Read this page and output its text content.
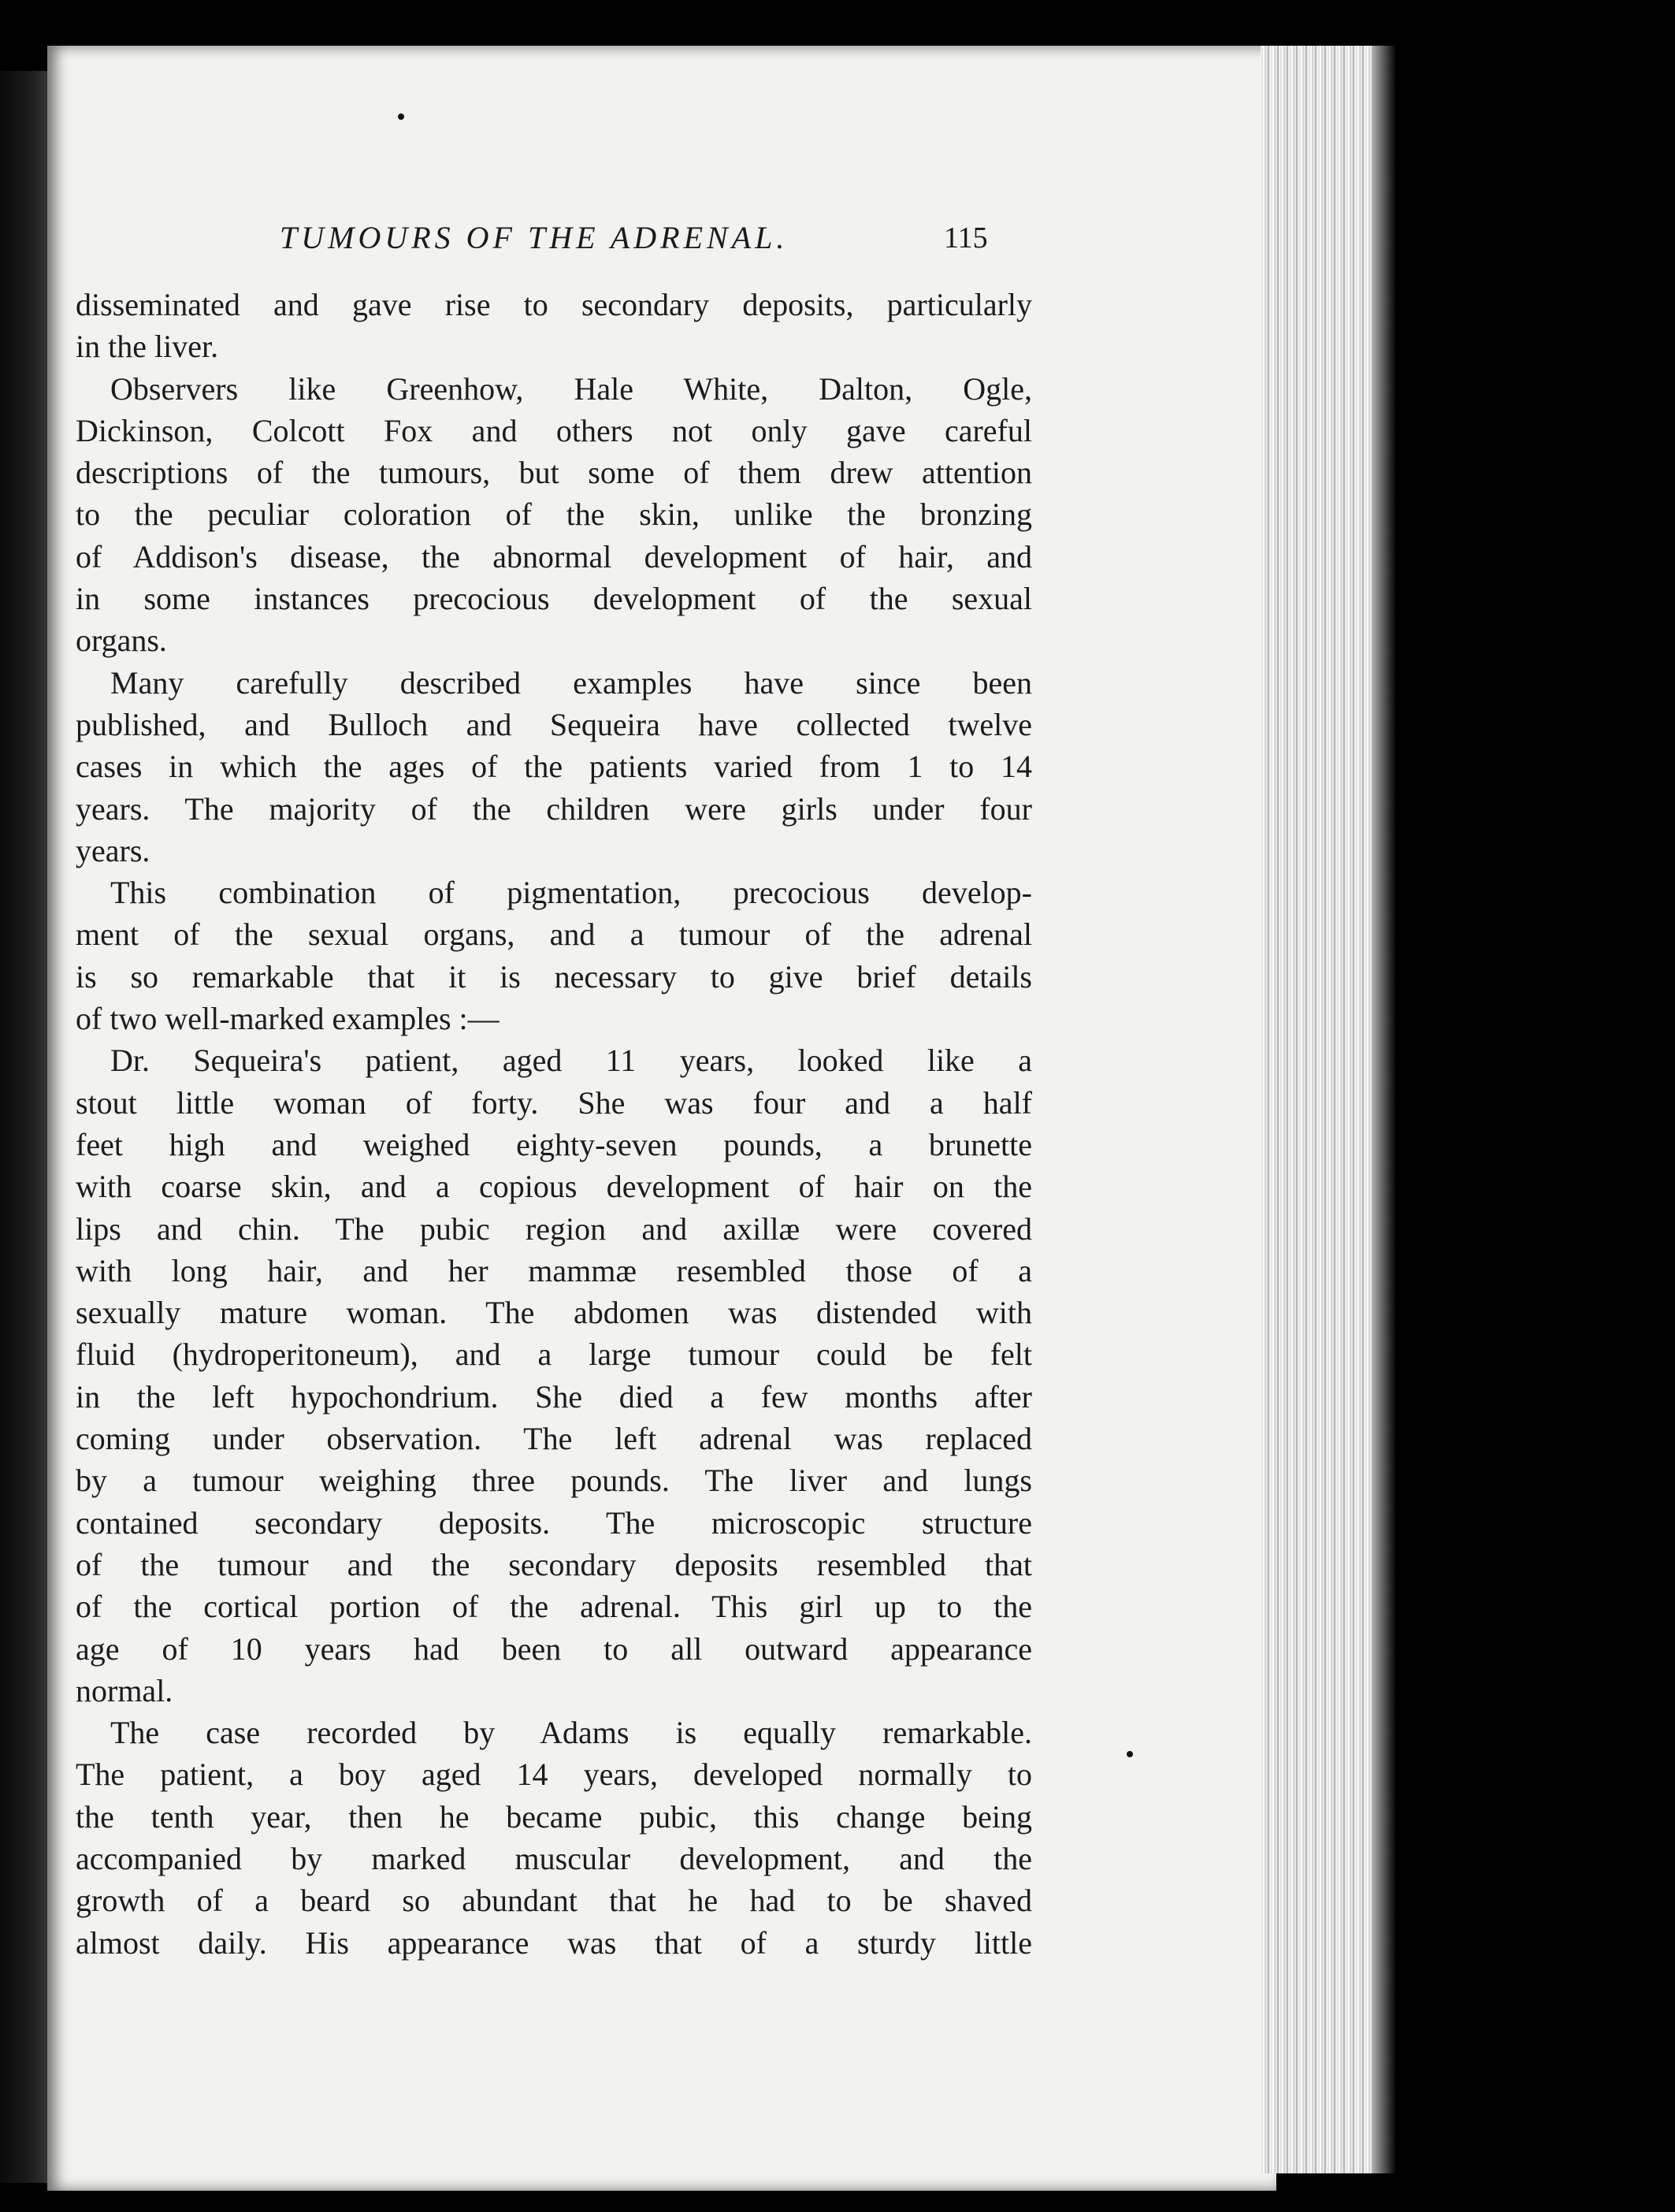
TUMOURS OF THE ADRENAL.	115
disseminated and gave rise to secondary deposits, particularly
in the liver.
Observers like Greenhow, Hale White, Dalton, Ogle,
Dickinson, Colcott Fox and others not only gave careful
descriptions of the tumours, but some of them drew attention
to the peculiar coloration of the skin, unlike the bronzing
of Addison's disease, the abnormal development of hair, and
in some instances precocious development of the sexual
organs.
Many carefully described examples have since been
published, and Bulloch and Sequeira have collected twelve
cases in which the ages of the patients varied from 1 to 14
years. The majority of the children were girls under four
years.
This combination of pigmentation, precocious develop-
ment of the sexual organs, and a tumour of the adrenal
is so remarkable that it is necessary to give brief details
of two well-marked examples :—
Dr. Sequeira's patient, aged 11 years, looked like a
stout little woman of forty. She was four and a half
feet high and weighed eighty-seven pounds, a brunette
with coarse skin, and a copious development of hair on the
lips and chin. The pubic region and axillæ were covered
with long hair, and her mammæ resembled those of a
sexually mature woman. The abdomen was distended with
fluid (hydroperitoneum), and a large tumour could be felt
in the left hypochondrium. She died a few months after
coming under observation. The left adrenal was replaced
by a tumour weighing three pounds. The liver and lungs
contained secondary deposits. The microscopic structure
of the tumour and the secondary deposits resembled that
of the cortical portion of the adrenal. This girl up to the
age of 10 years had been to all outward appearance
normal.
The case recorded by Adams is equally remarkable.
The patient, a boy aged 14 years, developed normally to
the tenth year, then he became pubic, this change being
accompanied by marked muscular development, and the
growth of a beard so abundant that he had to be shaved
almost daily. His appearance was that of a sturdy little
